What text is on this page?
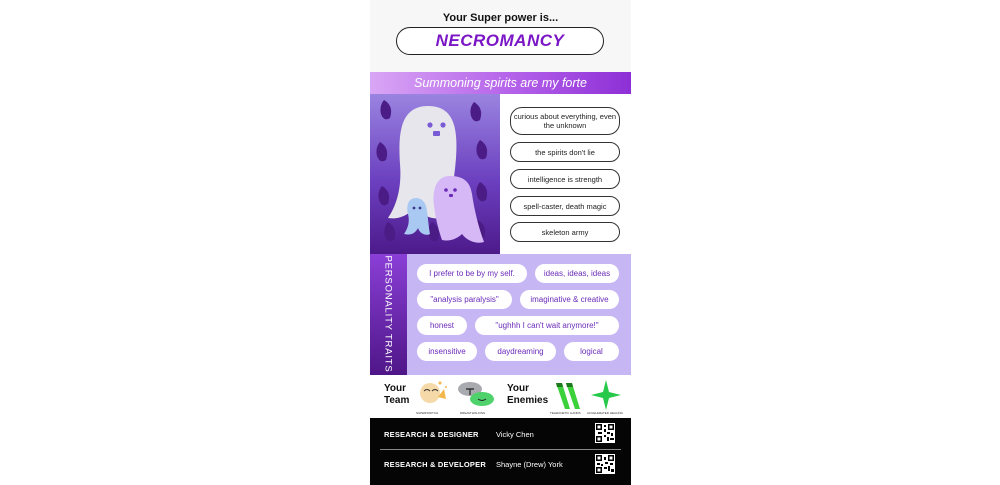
Your Super power is...
NECROMANCY
Summoning spirits are my forte
curious about everything, even the unknown
the spirits don't lie
intelligence is strength
spell-caster, death magic
skeleton army
PERSONALITY TRAITS	I prefer to be by my self.	ideas, ideas, ideas
"analysis paralysis"	imaginative & creative
honest	"ughhh I can't wait anymore!"
insensitive	daydreaming	logical
Your
Team
SUPERSWITCH	DREAM WALKING
Your
Enemies
TELEKINETIC HANDS ACCELERATED HEALING
RESEARCH & DESIGNER Vicky Chen
RESEARCH & DEVELOPER Shayne (Drew) York
